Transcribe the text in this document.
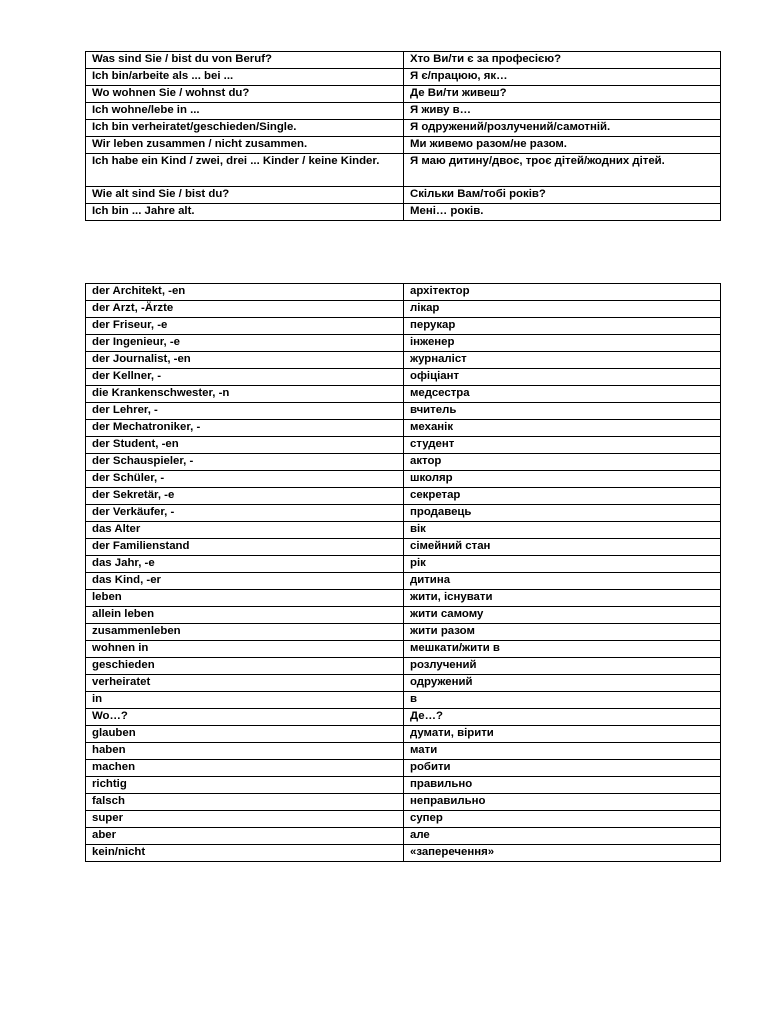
Was sind Sie / bist du von Beruf?	Хто Ви/ти є за професією?
Ich bin/arbeite als ... bei ...	Я є/працюю, як…
Wo wohnen Sie / wohnst du?	Де Ви/ти живеш?
Ich wohne/lebe in ...	Я живу в…
Ich bin verheiratet/geschieden/Single.	Я одружений/розлучений/самотній.
Wir leben zusammen / nicht zusammen.	Ми живемо разом/не разом.
Ich habe ein Kind / zwei, drei ... Kinder / keine Kinder.	Я маю дитину/двоє, троє дітей/жодних дітей.
Wie alt sind Sie / bist du?	Скільки Вам/тобі років?
Ich bin ... Jahre alt.	Мені… років.
der Architekt, -en	архітектор
der Arzt, -Ärzte	лікар
der Friseur, -e	перукар
der Ingenieur, -e	інженер
der Journalist, -en	журналіст
der Kellner, -	офіціант
die Krankenschwester, -n	медсестра
der Lehrer, -	вчитель
der Mechatroniker, -	механік
der Student, -en	студент
der Schauspieler, -	актор
der Schüler, -	школяр
der Sekretär, -e	секретар
der Verkäufer, -	продавець
das Alter	вік
der Familienstand	сімейний стан
das Jahr, -e	рік
das Kind, -er	дитина
leben	жити, існувати
allein leben	жити самому
zusammenleben	жити разом
wohnen in	мешкати/жити в
geschieden	розлучений
verheiratet	одружений
in	в
Wo…?	Де…?
glauben	думати, вірити
haben	мати
machen	робити
richtig	правильно
falsch	неправильно
super	супер
aber	але
kein/nicht	«заперечення»
